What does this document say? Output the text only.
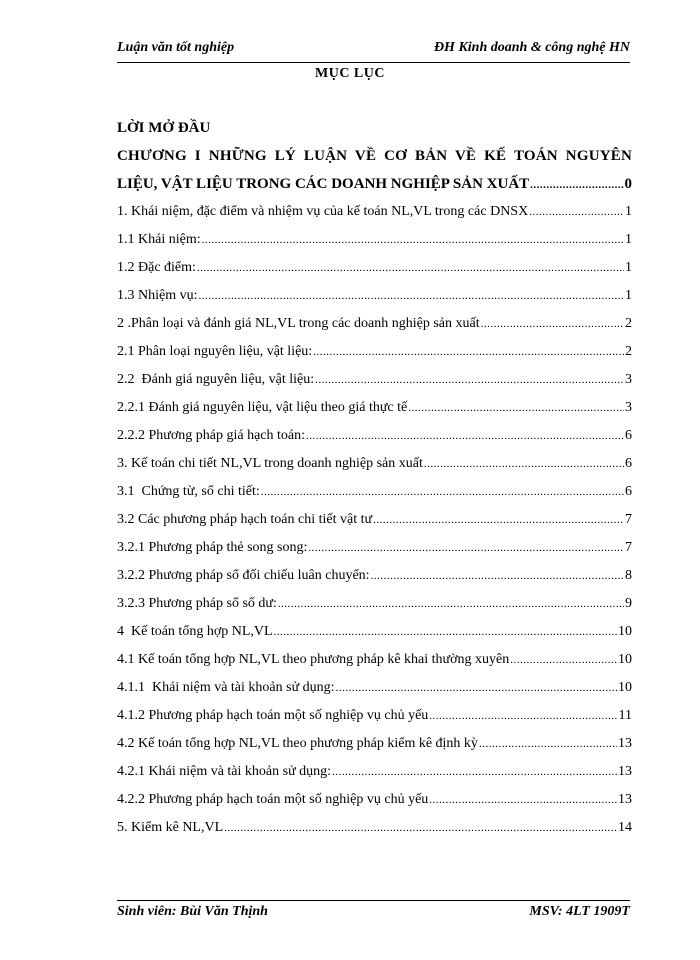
Luận văn tốt nghiệp	ĐH Kinh doanh & công nghệ HN
MỤC LỤC
LỜI MỞ ĐẦU
CHƯƠNG I NHỮNG LÝ LUẬN VỀ CƠ BẢN VỀ KẾ TOÁN NGUYÊN
LIỆU, VẬT LIỆU TRONG CÁC DOANH NGHIỆP SẢN XUẤT .....	0
1. Khái niệm, đặc điểm và nhiệm vụ của kế toán NL,VL trong các DNSX .....	1
1.1 Khái niệm: .....	1
1.2 Đặc điểm: .....	1
1.3 Nhiệm vụ: .....	1
2 .Phân loại và đánh giá NL,VL trong các doanh nghiệp sản xuất .....	2
2.1 Phân loại nguyên liệu, vật liệu: .....	2
2.2  Đánh giá nguyên liệu, vật liệu: .....	3
2.2.1 Đánh giá nguyên liệu, vật liệu theo giá thực tế .....	3
2.2.2 Phương pháp giá hạch toán: .....	6
3. Kế toán chi tiết NL,VL trong doanh nghiệp sản xuất .....	6
3.1  Chứng từ, sổ chi tiết: .....	6
3.2 Các phương pháp hạch toán chi tiết vật tư .....	7
3.2.1 Phương pháp thẻ song song: .....	7
3.2.2 Phương pháp sổ đối chiếu luân chuyển: .....	8
3.2.3 Phương pháp sổ số dư: .....	9
4  Kế toán tổng hợp NL,VL .....	10
4.1 Kế toán tổng hợp NL,VL theo phương pháp kê khai thường xuyên .....	10
4.1.1  Khái niệm và tài khoản sử dụng: .....	10
4.1.2 Phương pháp hạch toán một số nghiệp vụ chủ yếu .....	11
4.2 Kế toán tổng hợp NL,VL theo phương pháp kiểm kê định kỳ .....	13
4.2.1 Khái niệm và tài khoản sử dụng: .....	13
4.2.2 Phương pháp hạch toán một số nghiệp vụ chủ yếu .....	13
5. Kiểm kê NL,VL .....	14
Sinh viên: Bùi Văn Thịnh	MSV: 4LT 1909T
